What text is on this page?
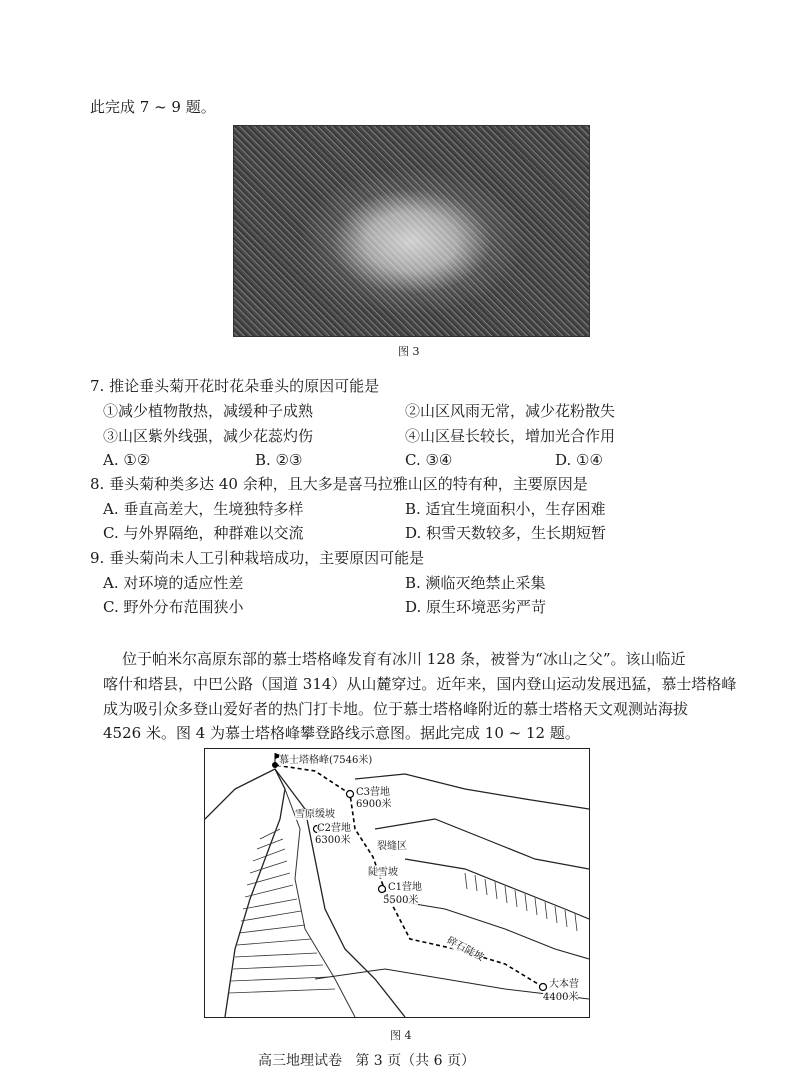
此完成 7 ~ 9 题。
图 3
7. 推论垂头菊开花时花朵垂头的原因可能是
①减少植物散热，减缓种子成熟	②山区风雨无常，减少花粉散失
③山区紫外线强，减少花蕊灼伤	④山区昼长较长，增加光合作用
A. ①②	B. ②③	C. ③④	D. ①④
8. 垂头菊种类多达 40 余种，且大多是喜马拉雅山区的特有种，主要原因是
A. 垂直高差大，生境独特多样	B. 适宜生境面积小，生存困难
C. 与外界隔绝，种群难以交流	D. 积雪天数较多，生长期短暂
9. 垂头菊尚未人工引种栽培成功，主要原因可能是
A. 对环境的适应性差	B. 濒临灭绝禁止采集
C. 野外分布范围狭小	D. 原生环境恶劣严苛
位于帕米尔高原东部的慕士塔格峰发育有冰川 128 条，被誉为“冰山之父”。该山临近
喀什和塔县，中巴公路（国道 314）从山麓穿过。近年来，国内登山运动发展迅猛，慕士塔格峰
成为吸引众多登山爱好者的热门打卡地。位于慕士塔格峰附近的慕士塔格天文观测站海拔
4526 米。图 4 为慕士塔格峰攀登路线示意图。据此完成 10 ~ 12 题。
慕士塔格峰(7546米)
C3营地
6900米
雪原缓坡
C2营地
6300米
裂缝区
陡雪坡
C1营地
5500米
碎石陡坡
大本营
4400米
图 4
高三地理试卷   第 3 页（共 6 页）
